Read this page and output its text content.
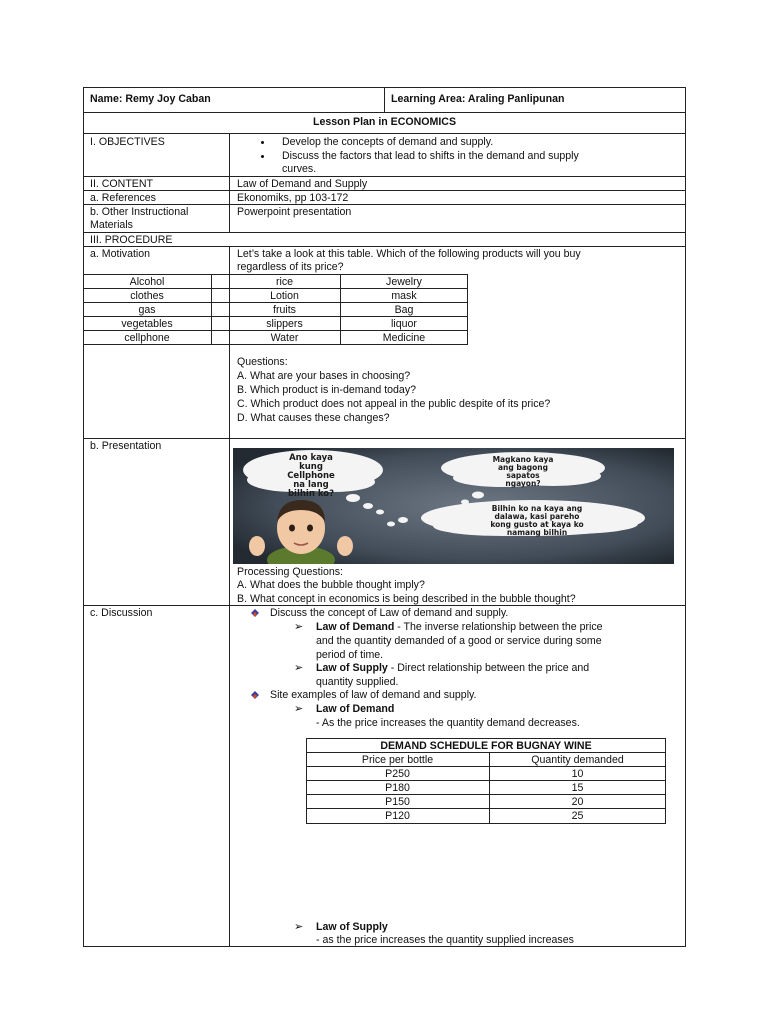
Name: Remy Joy Caban	Learning Area: Araling Panlipunan
Lesson Plan in ECONOMICS
I. OBJECTIVES	Develop the concepts of demand and supply.
Discuss the factors that lead to shifts in the demand and supply
curves.
II. CONTENT	Law of Demand and Supply
a. References	Ekonomiks, pp 103-172
b. Other Instructional
Materials
Powerpoint presentation
III. PROCEDURE
a. Motivation	Let’s take a look at this table. Which of the following products will you buy
regardless of its price?
Alcohol	rice	Jewelry
clothes	Lotion	mask
gas	fruits	Bag
vegetables	slippers	liquor
cellphone	Water	Medicine
Questions:
A. What are your bases in choosing?
B. Which product is in-demand today?
C. Which product does not appeal in the public despite of its price?
D. What causes these changes?
b. Presentation
Ano kaya
kung
Cellphone
na lang
bilhin ko?
Magkano kaya
ang bagong
sapatos
ngayon?
Bilhin ko na kaya ang
dalawa, kasi pareho
kong gusto at kaya ko
namang bilhin
Processing Questions:
A. What does the bubble thought imply?
B. What concept in economics is being described in the bubble thought?
c. Discussion	Discuss the concept of Law of demand and supply.
➢ Law of Demand - The inverse relationship between the price
and the quantity demanded of a good or service during some
period of time.
➢ Law of Supply - Direct relationship between the price and
quantity supplied.
Site examples of law of demand and supply.
➢ Law of Demand
- As the price increases the quantity demand decreases.
DEMAND SCHEDULE FOR BUGNAY WINE
Price per bottle	Quantity demanded
P250	10
P180	15
P150	20
P120	25
➢ Law of Supply
- as the price increases the quantity supplied increases
